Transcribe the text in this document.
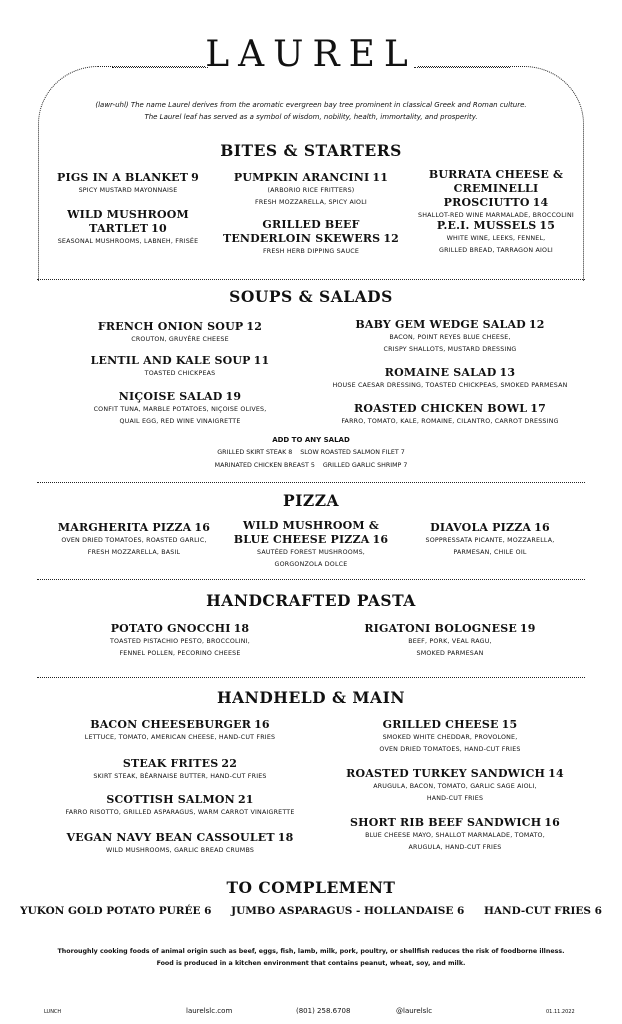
LAUREL
(lawr-uhl) The name Laurel derives from the aromatic evergreen bay tree prominent in classical Greek and Roman culture.
The Laurel leaf has served as a symbol of wisdom, nobility, health, immortality, and prosperity.
BITES & STARTERS
PIGS IN A BLANKET 9
SPICY MUSTARD MAYONNAISE
WILD MUSHROOM
TARTLET 10
SEASONAL MUSHROOMS, LABNEH, FRISÉE
PUMPKIN ARANCINI 11
(ARBORIO RICE FRITTERS)
FRESH MOZZARELLA, SPICY AIOLI
GRILLED BEEF
TENDERLOIN SKEWERS 12
FRESH HERB DIPPING SAUCE
BURRATA CHEESE &
CREMINELLI PROSCIUTTO 14
SHALLOT-RED WINE MARMALADE, BROCCOLINI
P.E.I. MUSSELS 15
WHITE WINE, LEEKS, FENNEL,
GRILLED BREAD, TARRAGON AIOLI
SOUPS & SALADS
FRENCH ONION SOUP 12
CROUTON, GRUYÈRE CHEESE
LENTIL AND KALE SOUP 11
TOASTED CHICKPEAS
NIÇOISE SALAD 19
CONFIT TUNA, MARBLE POTATOES, NIÇOISE OLIVES,
QUAIL EGG, RED WINE VINAIGRETTE
BABY GEM WEDGE SALAD 12
BACON, POINT REYES BLUE CHEESE,
CRISPY SHALLOTS, MUSTARD DRESSING
ROMAINE SALAD 13
HOUSE CAESAR DRESSING, TOASTED CHICKPEAS, SMOKED PARMESAN
ROASTED CHICKEN BOWL 17
FARRO, TOMATO, KALE, ROMAINE, CILANTRO, CARROT DRESSING
ADD TO ANY SALAD
GRILLED SKIRT STEAK 8 SLOW ROASTED SALMON FILET 7
MARINATED CHICKEN BREAST 5 GRILLED GARLIC SHRIMP 7
PIZZA
MARGHERITA PIZZA 16
OVEN DRIED TOMATOES, ROASTED GARLIC,
FRESH MOZZARELLA, BASIL
WILD MUSHROOM &
BLUE CHEESE PIZZA 16
SAUTÉED FOREST MUSHROOMS,
GORGONZOLA DOLCE
DIAVOLA PIZZA 16
SOPPRESSATA PICANTE, MOZZARELLA,
PARMESAN, CHILE OIL
HANDCRAFTED PASTA
POTATO GNOCCHI 18
TOASTED PISTACHIO PESTO, BROCCOLINI,
FENNEL POLLEN, PECORINO CHEESE
RIGATONI BOLOGNESE 19
BEEF, PORK, VEAL RAGU,
SMOKED PARMESAN
HANDHELD & MAIN
BACON CHEESEBURGER 16
LETTUCE, TOMATO, AMERICAN CHEESE, HAND-CUT FRIES
STEAK FRITES 22
SKIRT STEAK, BÉARNAISE BUTTER, HAND-CUT FRIES
SCOTTISH SALMON 21
FARRO RISOTTO, GRILLED ASPARAGUS, WARM CARROT VINAIGRETTE
VEGAN NAVY BEAN CASSOULET 18
WILD MUSHROOMS, GARLIC BREAD CRUMBS
GRILLED CHEESE 15
SMOKED WHITE CHEDDAR, PROVOLONE,
OVEN DRIED TOMATOES, HAND-CUT FRIES
ROASTED TURKEY SANDWICH 14
ARUGULA, BACON, TOMATO, GARLIC SAGE AIOLI,
HAND-CUT FRIES
SHORT RIB BEEF SANDWICH 16
BLUE CHEESE MAYO, SHALLOT MARMALADE, TOMATO,
ARUGULA, HAND-CUT FRIES
TO COMPLEMENT
YUKON GOLD POTATO PURÉE 6 JUMBO ASPARAGUS - HOLLANDAISE 6 HAND-CUT FRIES 6
Thoroughly cooking foods of animal origin such as beef, eggs, fish, lamb, milk, pork, poultry, or shellfish reduces the risk of foodborne illness.
Food is produced in a kitchen environment that contains peanut, wheat, soy, and milk.
LUNCH	laurelslc.com	(801) 258.6708	@laurelslc	01.11.2022
